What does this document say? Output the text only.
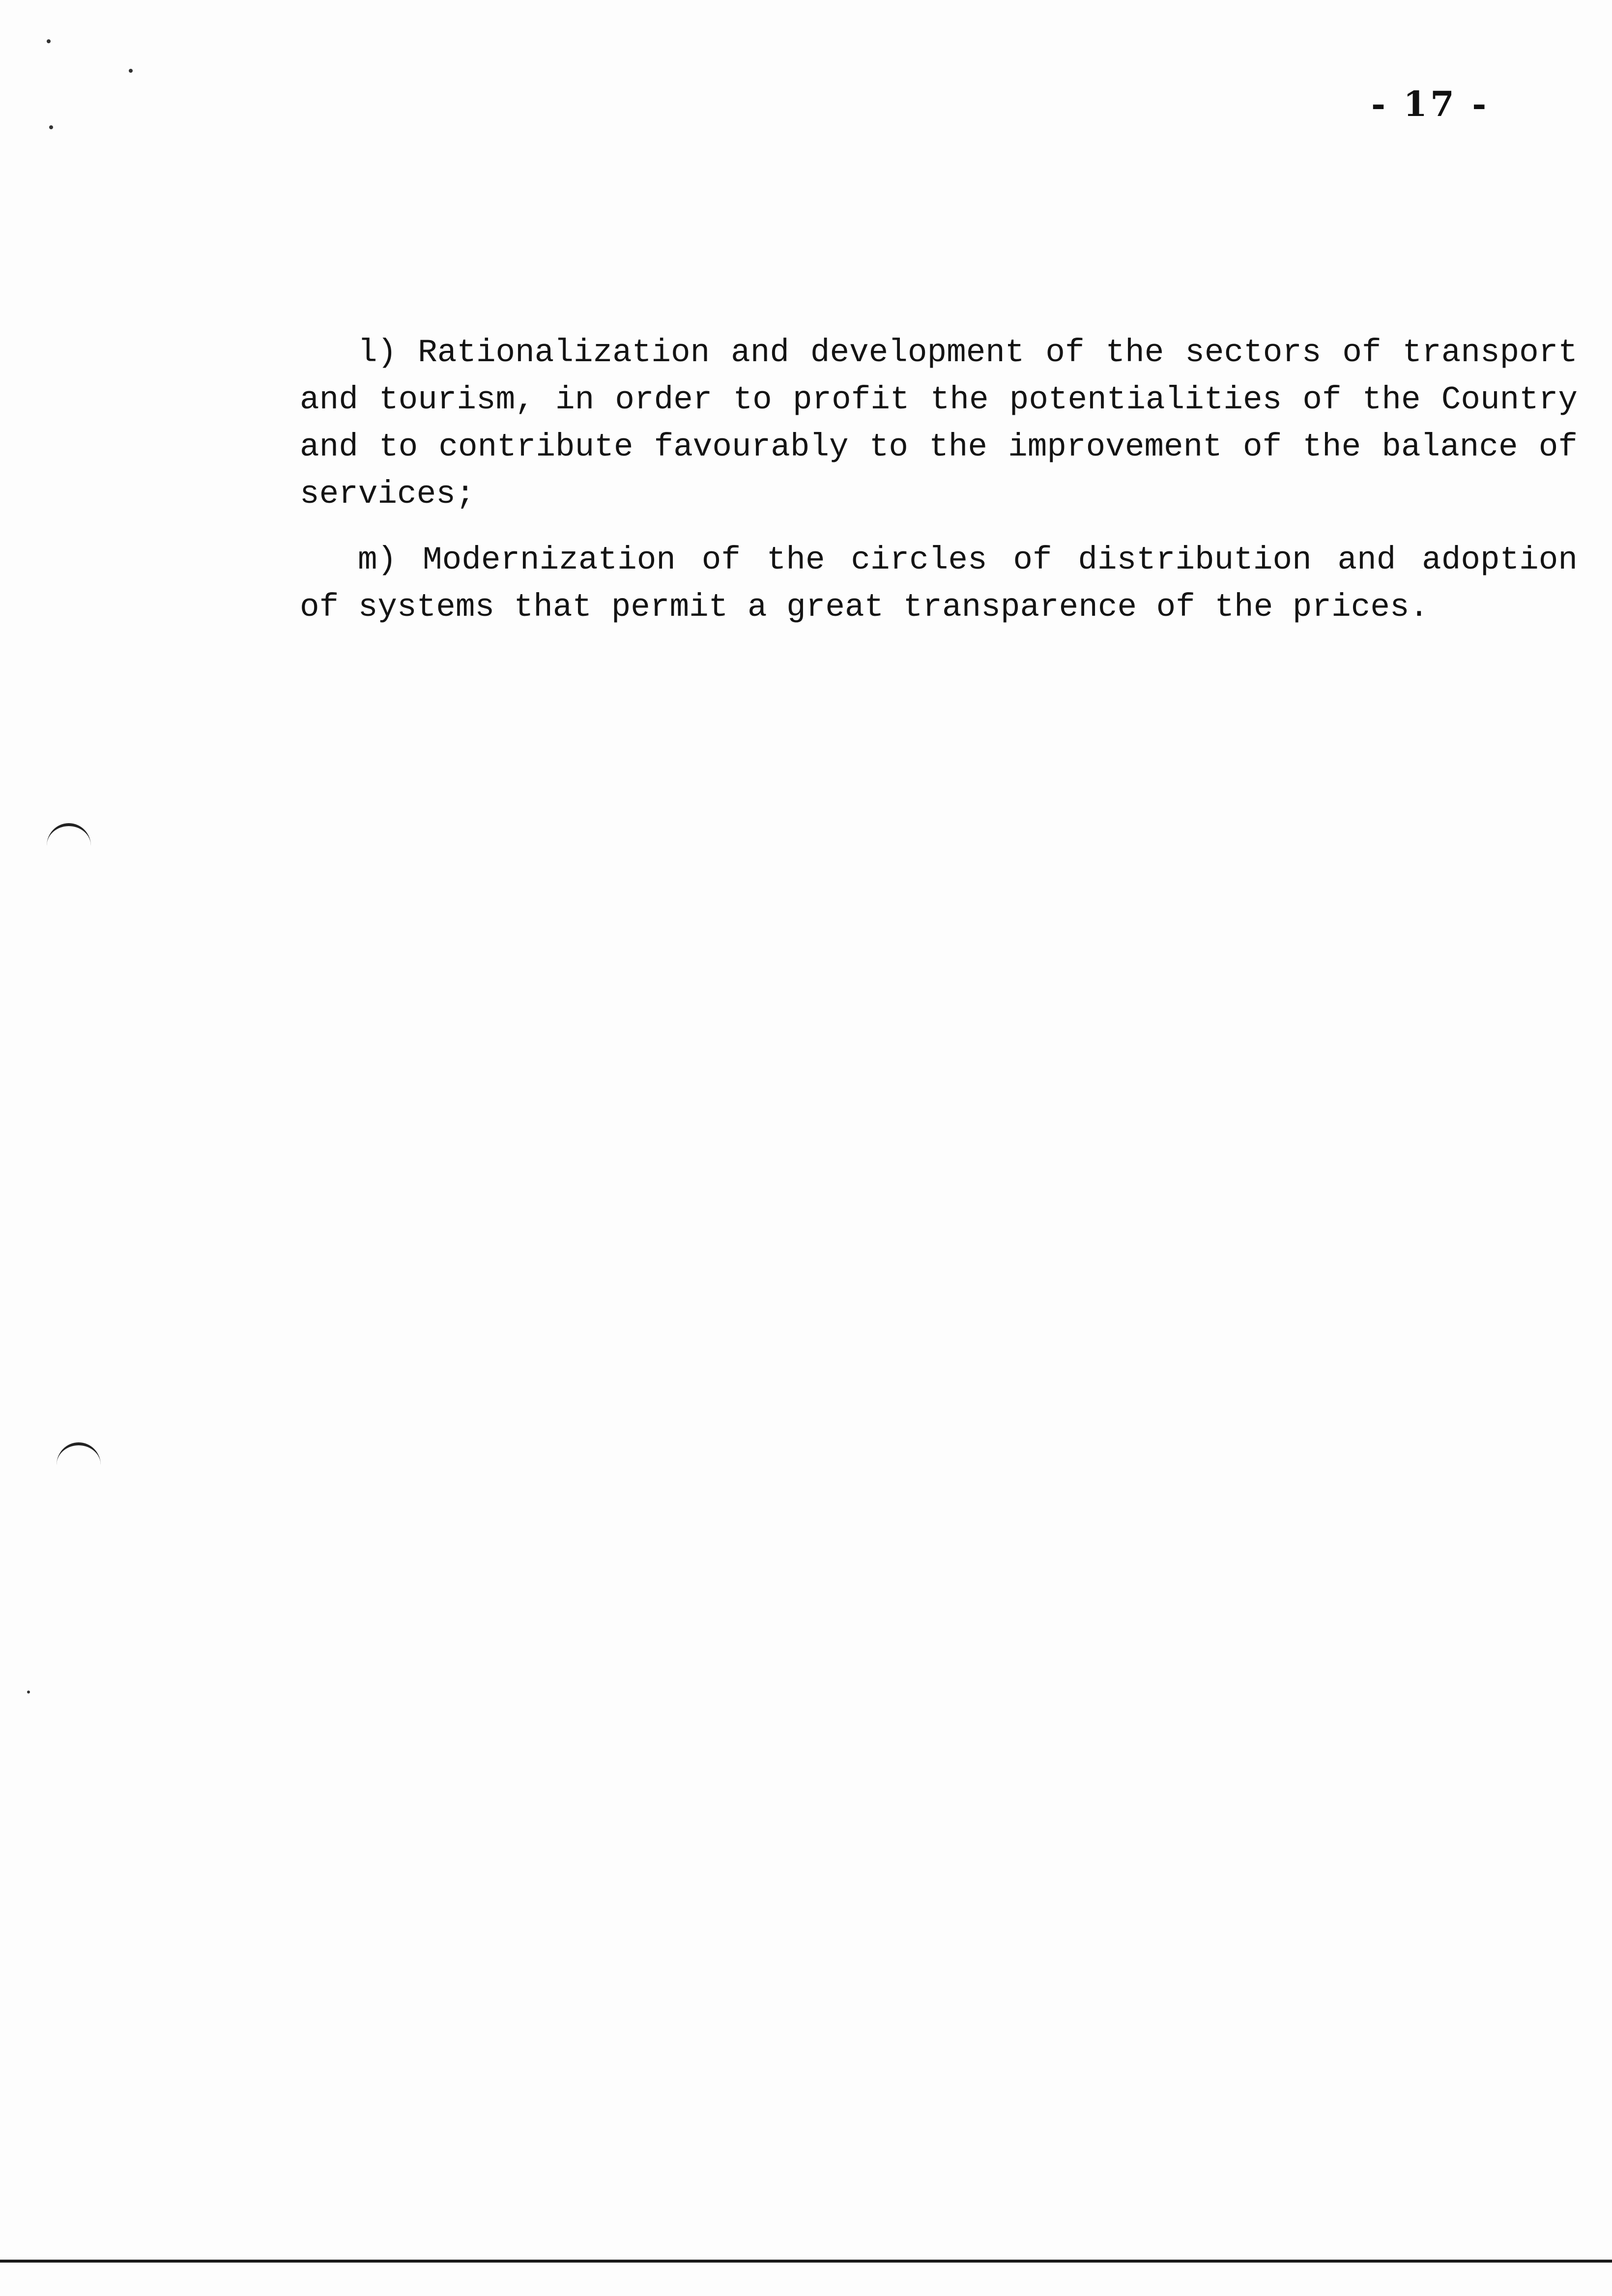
- 17 -

l) Rationalization and development of the sectors of transport and tourism, in order to profit the potentialities of the Country and to contribute favourably to the improvement of the balance of services;

m) Modernization of the circles of distribution and adoption of systems that permit a great transparence of the prices.
